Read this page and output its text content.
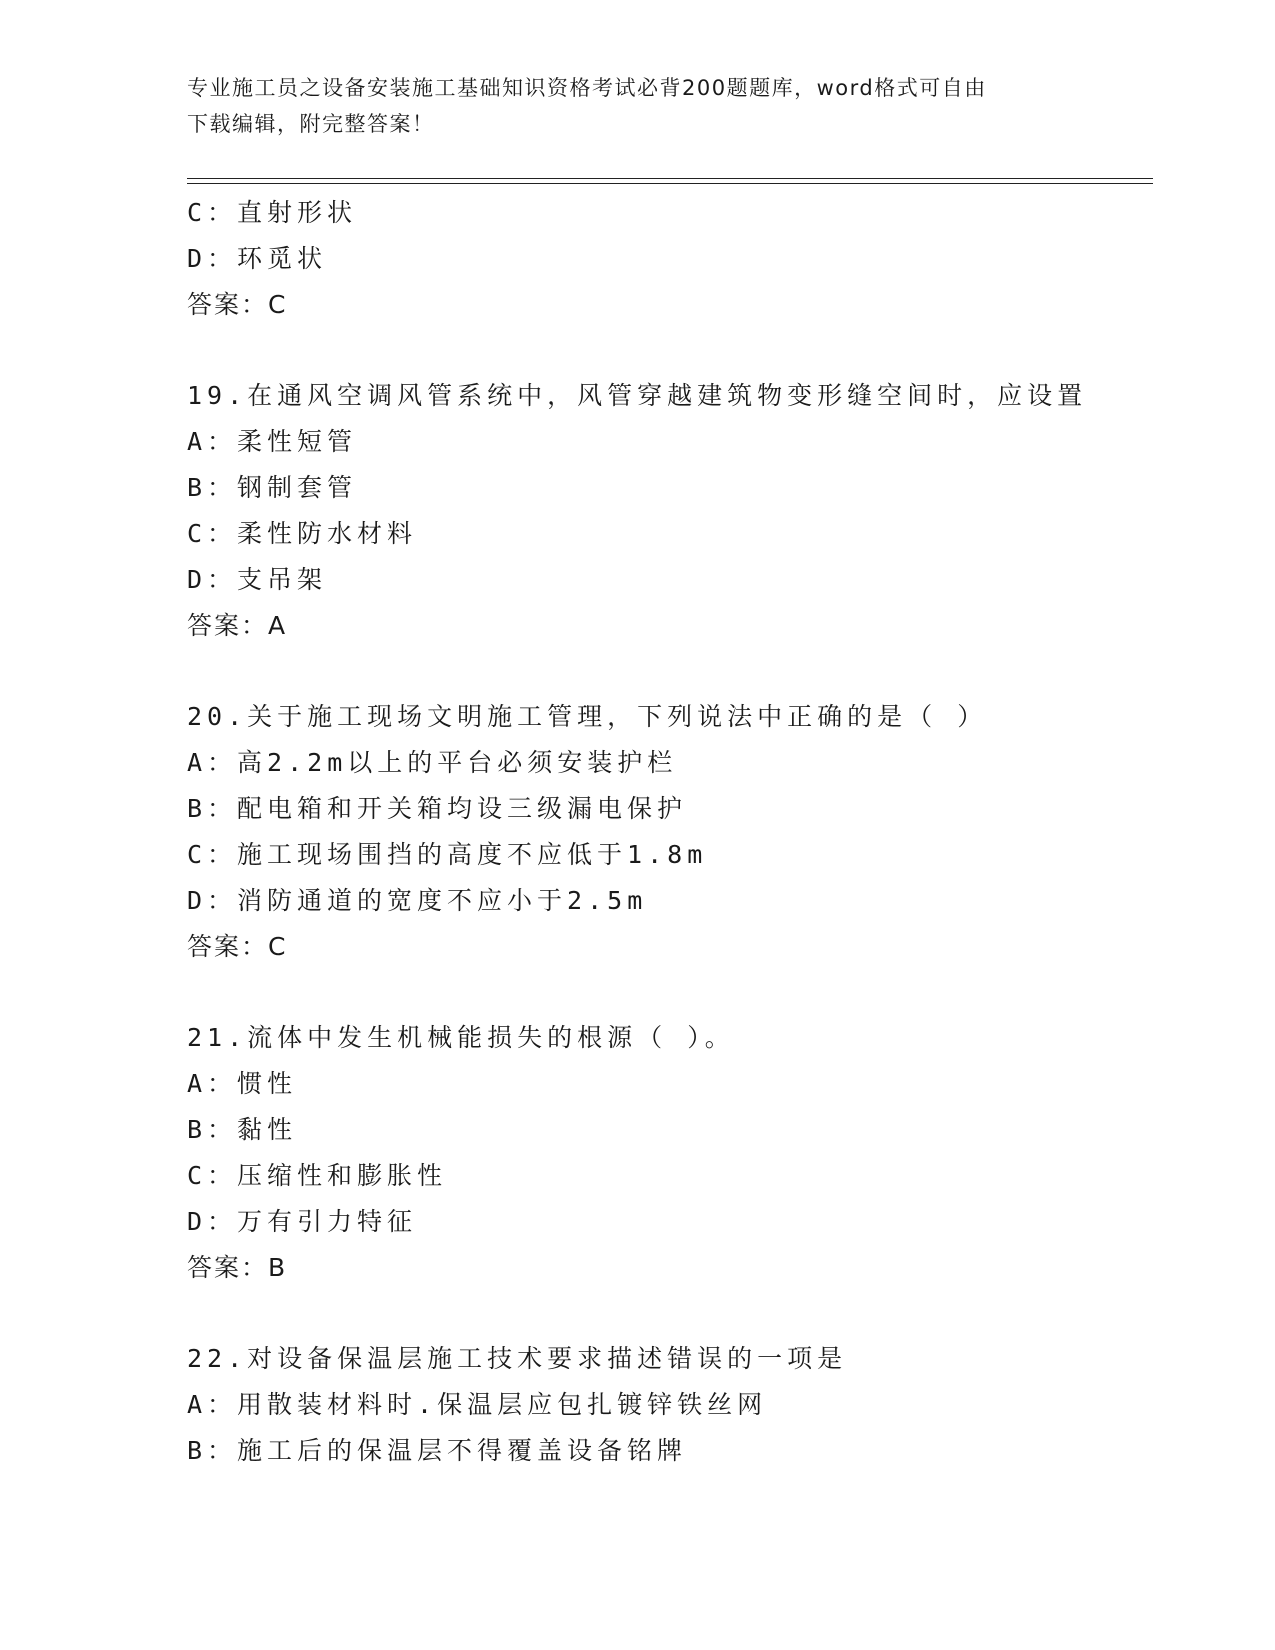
专业施工员之设备安装施工基础知识资格考试必背200题题库，word格式可自由
下载编辑，附完整答案！
C：直射形状
D：环觅状
答案：C
19.在通风空调风管系统中，风管穿越建筑物变形缝空间时，应设置
A：柔性短管
B：钢制套管
C：柔性防水材料
D：支吊架
答案：A
20.关于施工现场文明施工管理，下列说法中正确的是（ ）
A：高2.2m以上的平台必须安装护栏
B：配电箱和开关箱均设三级漏电保护
C：施工现场围挡的高度不应低于1.8m
D：消防通道的宽度不应小于2.5m
答案：C
21.流体中发生机械能损失的根源（ ）。
A：惯性
B：黏性
C：压缩性和膨胀性
D：万有引力特征
答案：B
22.对设备保温层施工技术要求描述错误的一项是
A：用散装材料时.保温层应包扎镀锌铁丝网
B：施工后的保温层不得覆盖设备铭牌
